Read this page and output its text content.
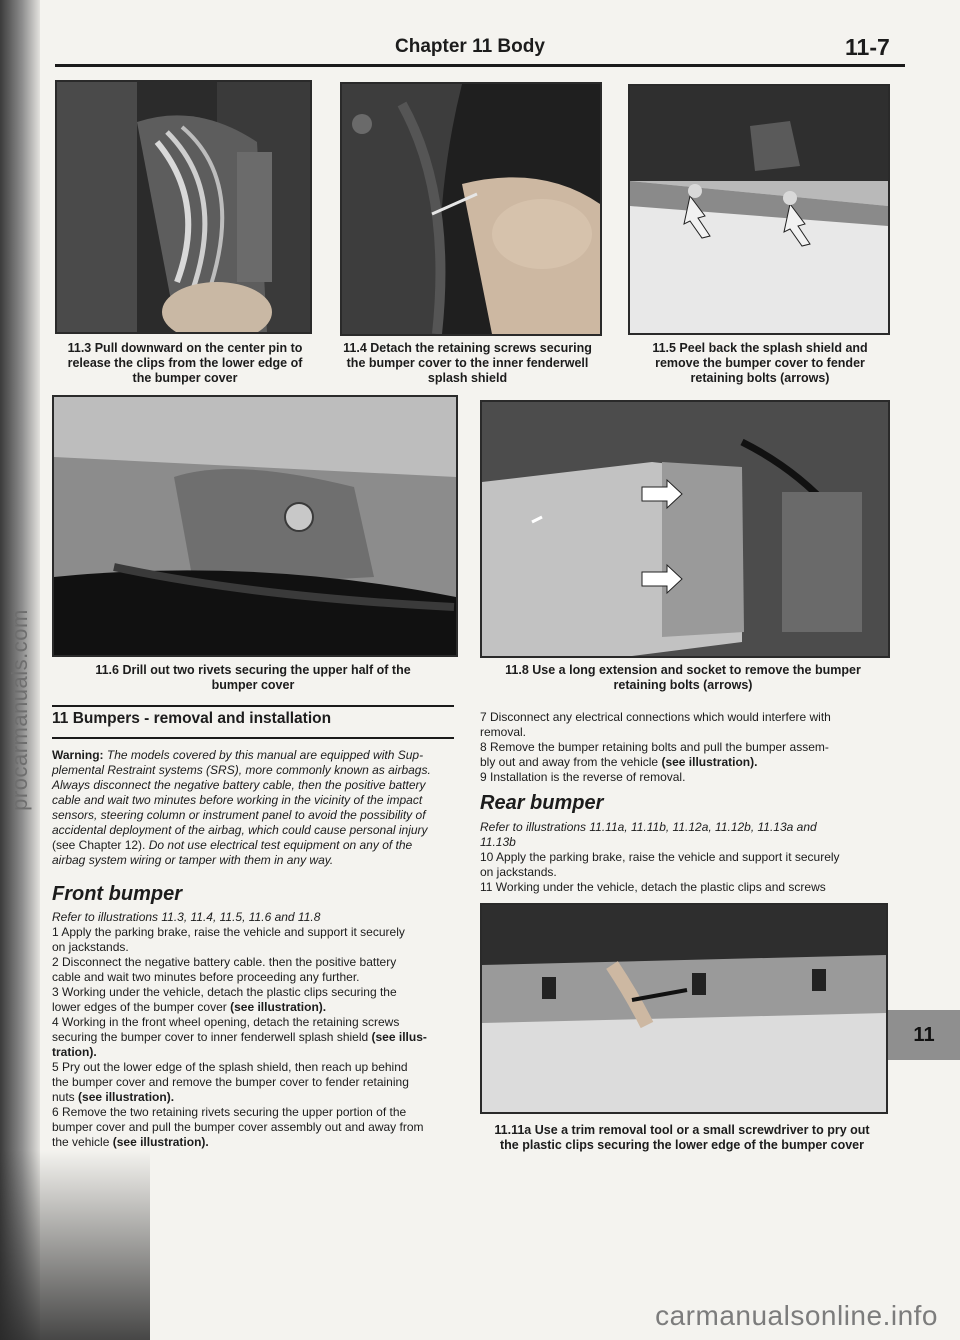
procarmanuals.com
Chapter 11 Body	11-7
11.3 Pull downward on the center pin to
release the clips from the lower edge of
the bumper cover
11.4 Detach the retaining screws securing
the bumper cover to the inner fenderwell
splash shield
11.5 Peel back the splash shield and
remove the bumper cover to fender
retaining bolts (arrows)
11.6 Drill out two rivets securing the upper half of the
bumper cover
11.8 Use a long extension and socket to remove the bumper
retaining bolts (arrows)
11 Bumpers - removal and installation

Warning: The models covered by this manual are equipped with Sup-

plemental Restraint systems (SRS), more commonly known as airbags.

Always disconnect the negative battery cable, then the positive battery

cable and wait two minutes before working in the vicinity of the impact

sensors, steering column or instrument panel to avoid the possibility of

accidental deployment of the airbag, which could cause personal injury

(see Chapter 12). Do not use electrical test equipment on any of the

airbag system wiring or tamper with them in any way.

Front bumper

Refer to illustrations 11.3, 11.4, 11.5, 11.6 and 11.8

1 Apply the parking brake, raise the vehicle and support it securely

on jackstands.

2 Disconnect the negative battery cable. then the positive battery

cable and wait two minutes before proceeding any further.

3 Working under the vehicle, detach the plastic clips securing the

lower edges of the bumper cover (see illustration).

4 Working in the front wheel opening, detach the retaining screws

securing the bumper cover to inner fenderwell splash shield (see illus-

tration).

5 Pry out the lower edge of the splash shield, then reach up behind

the bumper cover and remove the bumper cover to fender retaining

nuts (see illustration).

6 Remove the two retaining rivets securing the upper portion of the

bumper cover and pull the bumper cover assembly out and away from

the vehicle (see illustration).

7 Disconnect any electrical connections which would interfere with

removal.

8 Remove the bumper retaining bolts and pull the bumper assem-

bly out and away from the vehicle (see illustration).

9 Installation is the reverse of removal.

Rear bumper

Refer to illustrations 11.11a, 11.11b, 11.12a, 11.12b, 11.13a and

11.13b

10 Apply the parking brake, raise the vehicle and support it securely

on jackstands.

11 Working under the vehicle, detach the plastic clips and screws

11.11a Use a trim removal tool or a small screwdriver to pry out
the plastic clips securing the lower edge of the bumper cover
11
carmanualsonline.info
